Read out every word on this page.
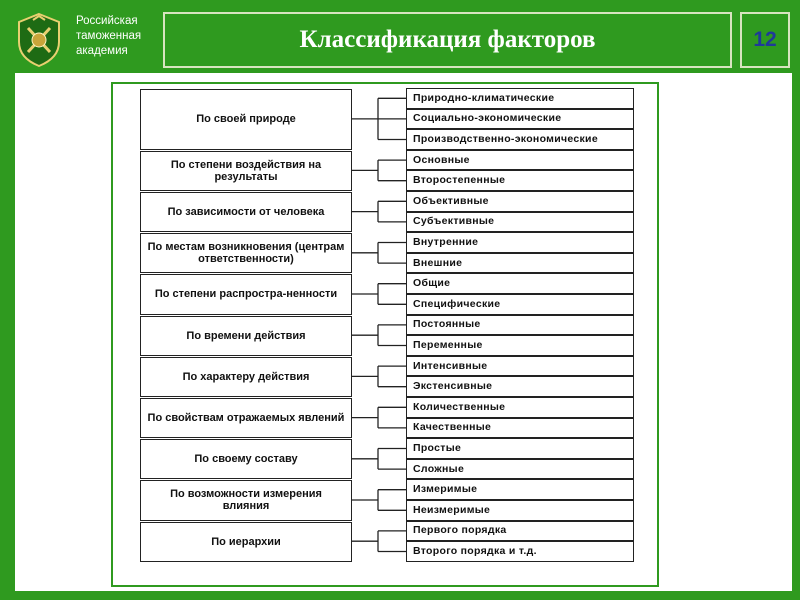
Российская
таможенная
академия	Классификация факторов	12
По своей природе
Природно-климатические
Социально-экономические
Производственно-экономические
По степени воздействия на результаты
Основные
Второстепенные
По зависимости от человека
Объективные
Субъективные
По местам возникновения (центрам ответственности)
Внутренние
Внешние
По степени распростра-ненности
Общие
Специфические
По времени действия
Постоянные
Переменные
По характеру действия
Интенсивные
Экстенсивные
По свойствам отражаемых явлений
Количественные
Качественные
По своему составу
Простые
Сложные
По возможности измерения влияния
Измеримые
Неизмеримые
По иерархии
Первого порядка
Второго порядка и т.д.
